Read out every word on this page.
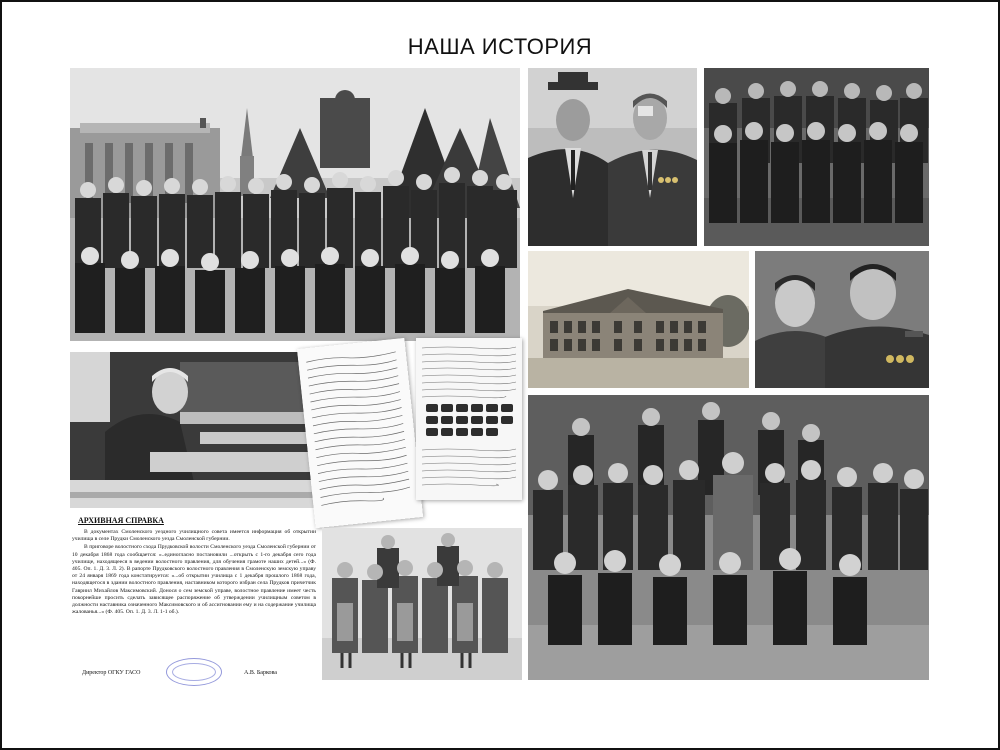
НАША ИСТОРИЯ
АРХИВНАЯ СПРАВКА

В документах Смоленского уездного училищного совета имеется информация об открытии училища в селе Прудки Смоленского уезда Смоленской губернии.

В приговоре волостного схода Прудковской волости Смоленского уезда Смоленской губернии от 10 декабря 1868 года сообщается: «..единогласно постановили ...открыть с 1-го декабря сего года училище, находящееся в ведении волостного правления, для обучения грамоте наших детей...» (Ф. 405. Оп. 1. Д. 3. Л. 2). В рапорте Прудковского волостного правления в Смоленскую земскую управу от 24 января 1869 года констатируется: «...об открытии училища с 1 декабря прошлого 1868 года, находящегося в здании волостного правления, наставником которого избран села Прудков причетчик Гавриил Михайлов Максимовский. Донося о сем земской управе, волостное правление имеет честь покорнейше просить сделать зависящее распоряжение об утверждении училищным советом в должности наставника означенного Максимовского и об ассигновании ему и на содержание училища жалованья...» (Ф. 405. Оп. 1. Д. 3. Л. 1-1 об.).

Директор ОГКУ ГАСО	А.В. Баркова
